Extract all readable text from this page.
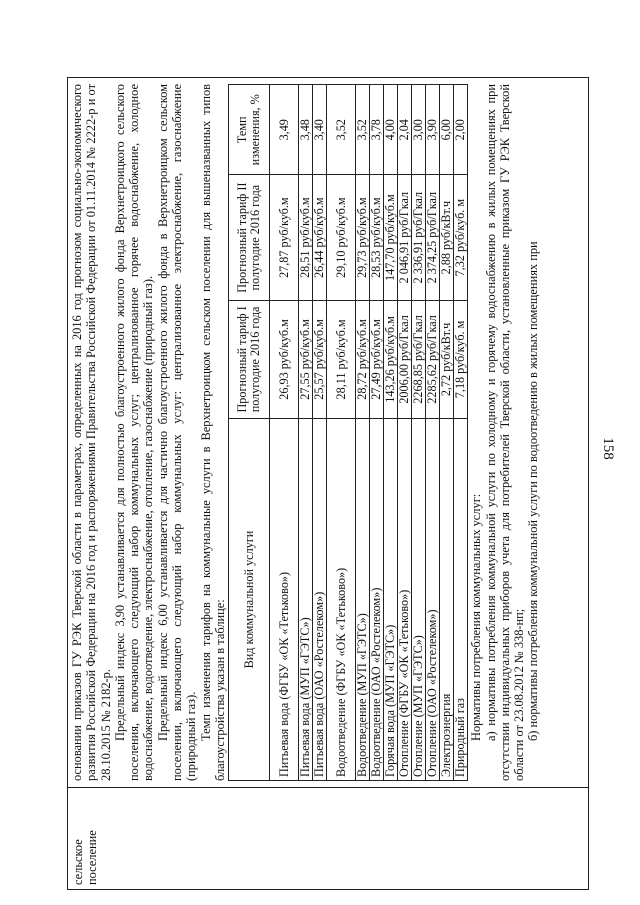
158
сельское поселение

основании приказов ГУ РЭК Тверской области в параметрах, определенных на 2016 год прогнозом социально-экономического развития Российской Федерации на 2016 год и распоряжениями Правительства Российской Федерации от 01.11.2014 № 2222-р и от 28.10.2015 № 2182-р. Предельный индекс 3,90 устанавливается для полностью благоустроенного жилого фонда Верхнетроицкого сельского поселения, включающего следующий набор коммунальных услуг; централизованное горячее водоснабжение, холодное водоснабжение, водоотведение, электроснабжение, отопление, газоснабжение (природный газ). Предельный индекс 6,00 устанавливается для частично благоустроенного жилого фонда в Верхнетроицком сельском поселении, включающего следующий набор коммунальных услуг: централизованное электроснабжение, газоснабжение (природный газ). Темп изменения тарифов на коммунальные услуги в Верхнетроицком сельском поселении для вышеназванных типов благоустройства указан в таблице: Вид коммунальной услуги	Прогнозный тариф I полугодие 2016 года	Прогнозный тариф II полугодие 2016 года	Темп изменения, %
Питьевая вода (ФГБУ «ОК «Тетьково»)	26,93 руб/куб.м	27,87 руб/куб.м	3,49
Питьевая вода (МУП «ГЭТС»)	27,55 руб/куб.м	28,51 руб/куб.м	3,48
Питьевая вода (ОАО «Ростелеком»)	25,57 руб/куб.м	26,44 руб/куб.м	3,40
Водоотведение (ФГБУ «ОК «Тетьково»)	28,11 руб/куб.м	29,10 руб/куб.м	3,52
Водоотведение (МУП «ГЭТС»)	28,72 руб/куб.м	29,73 руб/куб.м	3,52
Водоотведение (ОАО «Ростелеком»)	27,49 руб/куб.м	28,53 руб/куб.м	3,78
Горячая вода (МУП «ГЭТС»)	143,26 руб/куб.м	147,70 руб/куб.м	4,00
Отопление (ФГБУ «ОК «Тетьково»)	2006,00 руб/Гкал	2 046,91 руб/Гкал	2,04
Отопление (МУП «ГЭТС»)	2268,85 руб/Гкал	2 336,91 руб/Гкал	3,00
Отопление (ОАО «Ростелеком»)	2285,62 руб/Гкал	2 374,25 руб/Гкал	3,90
Электроэнергия	2,72 руб/кВт.ч	2,88 руб/кВт.ч	6,00
Природный газ	7,18 руб/куб. м	7,32 руб/куб. м	2,00

Нормативы потребления коммунальных услуг: а) нормативы потребления коммунальной услуги по холодному и горячему водоснабжению в жилых помещениях при отсутствии индивидуальных приборов учета для потребителей Тверской области, установленные приказом ГУ РЭК Тверской области от 23.08.2012 № 338-нп; б) нормативы потребления коммунальной услуги по водоотведению в жилых помещениях при
